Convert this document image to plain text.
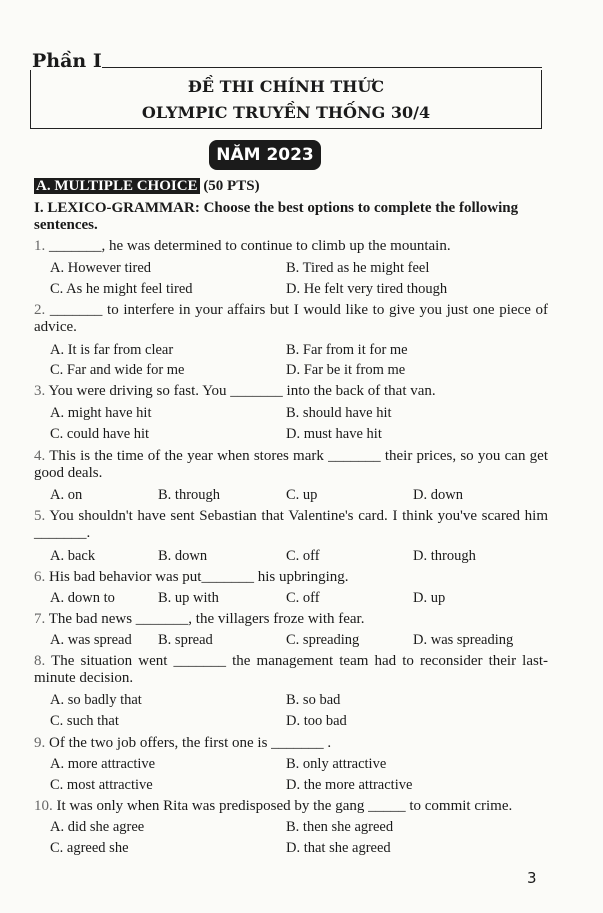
Phần I
ĐỀ THI CHÍNH THỨC
OLYMPIC TRUYỀN THỐNG 30/4
NĂM 2023
A. MULTIPLE CHOICE (50 PTS)
I. LEXICO-GRAMMAR: Choose the best options to complete the following sentences.
1. _______, he was determined to continue to climb up the mountain.
A. However tired	B. Tired as he might feel
C. As he might feel tired	D. He felt very tired though
2. _______ to interfere in your affairs but I would like to give you just one piece of advice.
A. It is far from clear	B. Far from it for me
C. Far and wide for me	D. Far be it from me
3. You were driving so fast. You _______ into the back of that van.
A. might have hit	B. should have hit
C. could have hit	D. must have hit
4. This is the time of the year when stores mark _______ their prices, so you can get good deals.
A. on	B. through	C. up	D. down
5. You shouldn't have sent Sebastian that Valentine's card. I think you've scared him _______.
A. back	B. down	C. off	D. through
6. His bad behavior was put_______ his upbringing.
A. down to	B. up with	C. off	D. up
7. The bad news _______, the villagers froze with fear.
A. was spread B. spread	C. spreading	D. was spreading
8. The situation went _______ the management team had to reconsider their last-minute decision.
A. so badly that	B. so bad
C. such that	D. too bad
9. Of the two job offers, the first one is _______ .
A. more attractive	B. only attractive
C. most attractive	D. the more attractive
10. It was only when Rita was predisposed by the gang _____ to commit crime.
A. did she agree	B. then she agreed
C. agreed she	D. that she agreed
3
